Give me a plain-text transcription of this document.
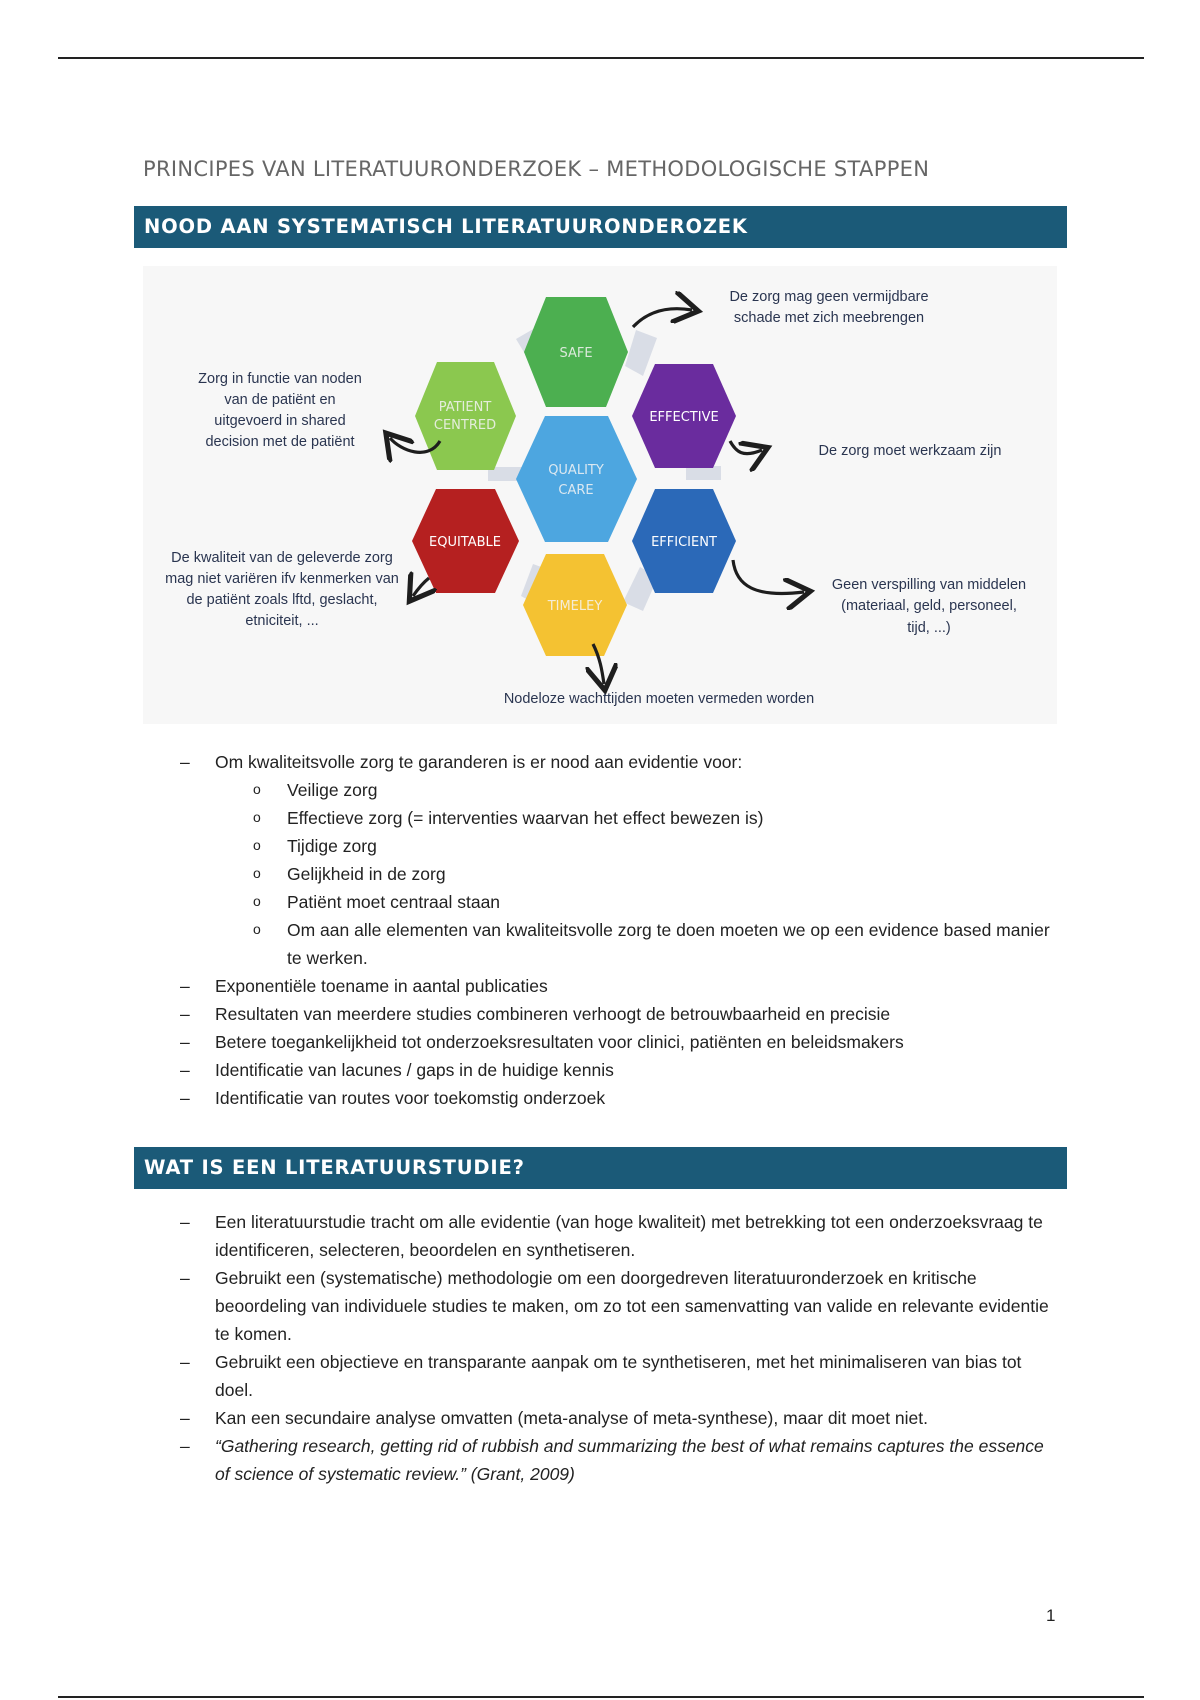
PRINCIPES VAN LITERATUURONDERZOEK – METHODOLOGISCHE STAPPEN
NOOD AAN SYSTEMATISCH LITERATUURONDEROZEK
SAFE
PATIENT
CENTRED
EFFECTIVE
QUALITY
CARE
EQUITABLE	EFFICIENT
TIMELEY
De zorg mag geen vermijdbare
schade met zich meebrengen
De zorg moet werkzaam zijn
Geen verspilling van middelen
(materiaal, geld, personeel,
tijd, ...)
Nodeloze wachttijden moeten vermeden worden
De kwaliteit van de geleverde zorg
mag niet variëren ifv kenmerken van
de patiënt zoals lftd, geslacht,
etniciteit, ...
Zorg in functie van noden
van de patiënt en
uitgevoerd in shared
decision met de patiënt
– Om kwaliteitsvolle zorg te garanderen is er nood aan evidentie voor:
o Veilige zorg
o Effectieve zorg (= interventies waarvan het effect bewezen is)
o Tijdige zorg
o Gelijkheid in de zorg
o Patiënt moet centraal staan
o Om aan alle elementen van kwaliteitsvolle zorg te doen moeten we op een evidence based manier te werken.
– Exponentiële toename in aantal publicaties
– Resultaten van meerdere studies combineren verhoogt de betrouwbaarheid en precisie
– Betere toegankelijkheid tot onderzoeksresultaten voor clinici, patiënten en beleidsmakers
– Identificatie van lacunes / gaps in de huidige kennis
– Identificatie van routes voor toekomstig onderzoek
WAT IS EEN LITERATUURSTUDIE?
– Een literatuurstudie tracht om alle evidentie (van hoge kwaliteit) met betrekking tot een onderzoeksvraag te identificeren, selecteren, beoordelen en synthetiseren.
– Gebruikt een (systematische) methodologie om een doorgedreven literatuuronderzoek en kritische beoordeling van individuele studies te maken, om zo tot een samenvatting van valide en relevante evidentie te komen.
– Gebruikt een objectieve en transparante aanpak om te synthetiseren, met het minimaliseren van bias tot doel.
– Kan een secundaire analyse omvatten (meta-analyse of meta-synthese), maar dit moet niet.
– “Gathering research, getting rid of rubbish and summarizing the best of what remains captures the essence of science of systematic review.” (Grant, 2009)
1
